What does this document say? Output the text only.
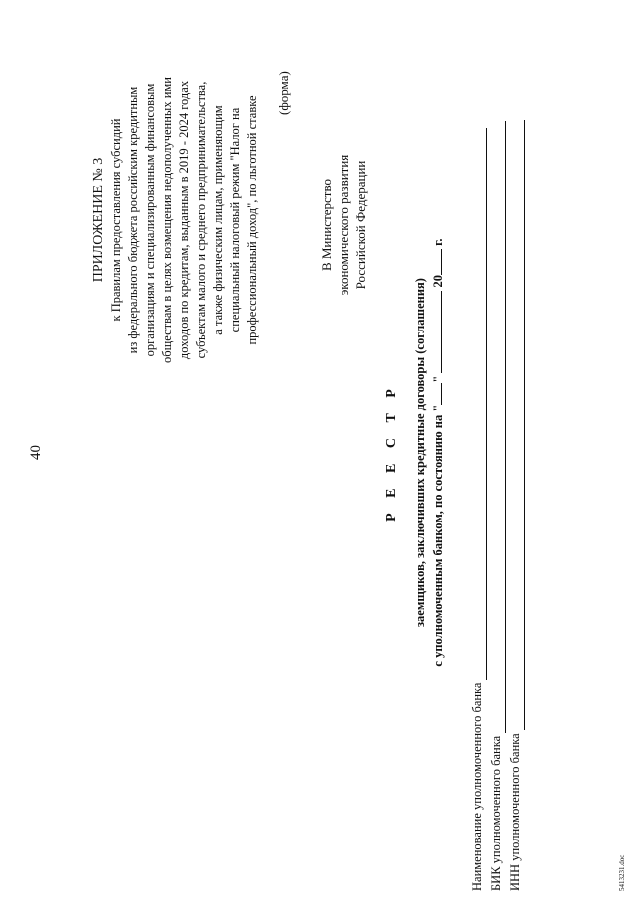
40
ПРИЛОЖЕНИЕ № 3 к Правилам предоставления субсидий из федерального бюджета российским кредитным организациям и специализированным финансовым обществам в целях возмещения недополученных ими доходов по кредитам, выданным в 2019 - 2024 годах субъектам малого и среднего предпринимательства, а также физическим лицам, применяющим специальный налоговый режим "Налог на профессиональный доход", по льготной ставке
(форма)
В Министерство экономического развития Российской Федерации
Р Е Е С Т Р заемщиков, заключивших кредитные договоры (соглашения) с уполномоченным банком, по состоянию на ""  20 г.
Наименование уполномоченного банка БИК уполномоченного банка ИНН уполномоченного банка	5413231.doc
